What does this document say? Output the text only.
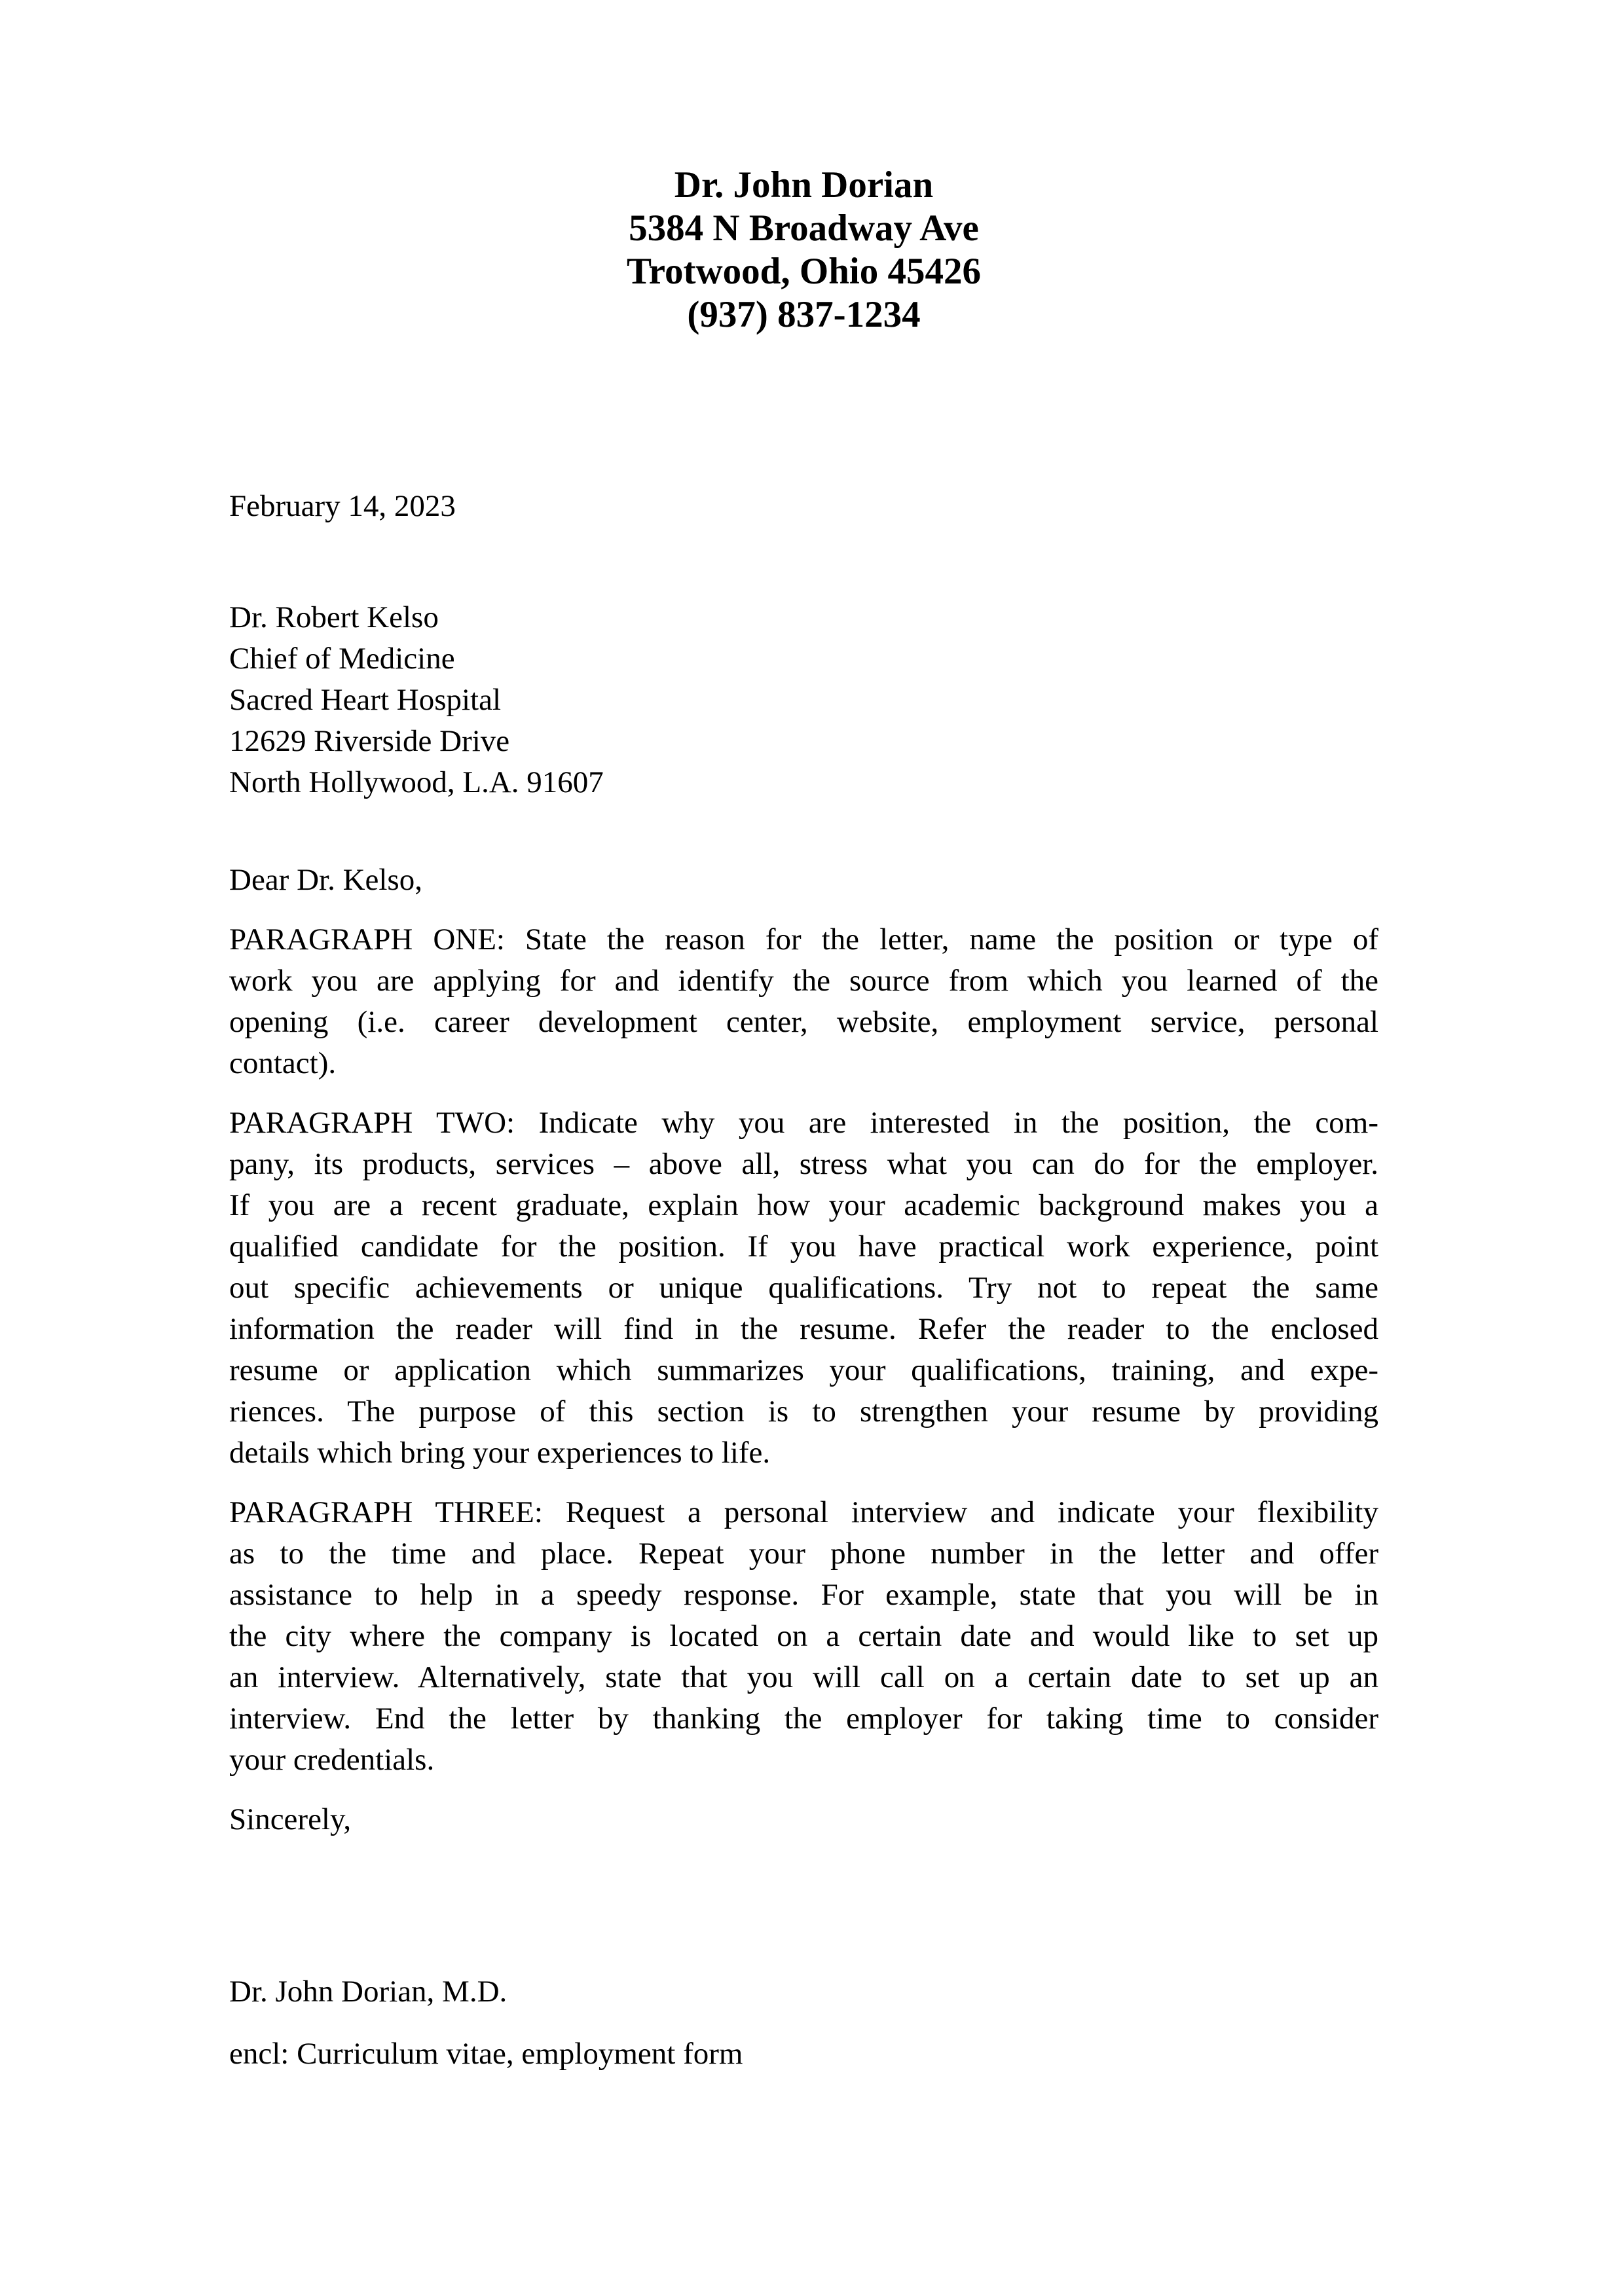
Dr. John Dorian
5384 N Broadway Ave
Trotwood, Ohio 45426
(937) 837-1234
February 14, 2023
Dr. Robert Kelso
Chief of Medicine
Sacred Heart Hospital
12629 Riverside Drive
North Hollywood, L.A. 91607
Dear Dr. Kelso,
PARAGRAPH ONE: State the reason for the letter, name the position or type of
work you are applying for and identify the source from which you learned of the
opening (i.e. career development center, website, employment service, personal
contact).
PARAGRAPH TWO: Indicate why you are interested in the position, the com-
pany, its products, services – above all, stress what you can do for the employer.
If you are a recent graduate, explain how your academic background makes you a
qualified candidate for the position. If you have practical work experience, point
out specific achievements or unique qualifications. Try not to repeat the same
information the reader will find in the resume. Refer the reader to the enclosed
resume or application which summarizes your qualifications, training, and expe-
riences. The purpose of this section is to strengthen your resume by providing
details which bring your experiences to life.
PARAGRAPH THREE: Request a personal interview and indicate your flexibility
as to the time and place. Repeat your phone number in the letter and offer
assistance to help in a speedy response. For example, state that you will be in
the city where the company is located on a certain date and would like to set up
an interview. Alternatively, state that you will call on a certain date to set up an
interview. End the letter by thanking the employer for taking time to consider
your credentials.
Sincerely,
Dr. John Dorian, M.D.
encl: Curriculum vitae, employment form
